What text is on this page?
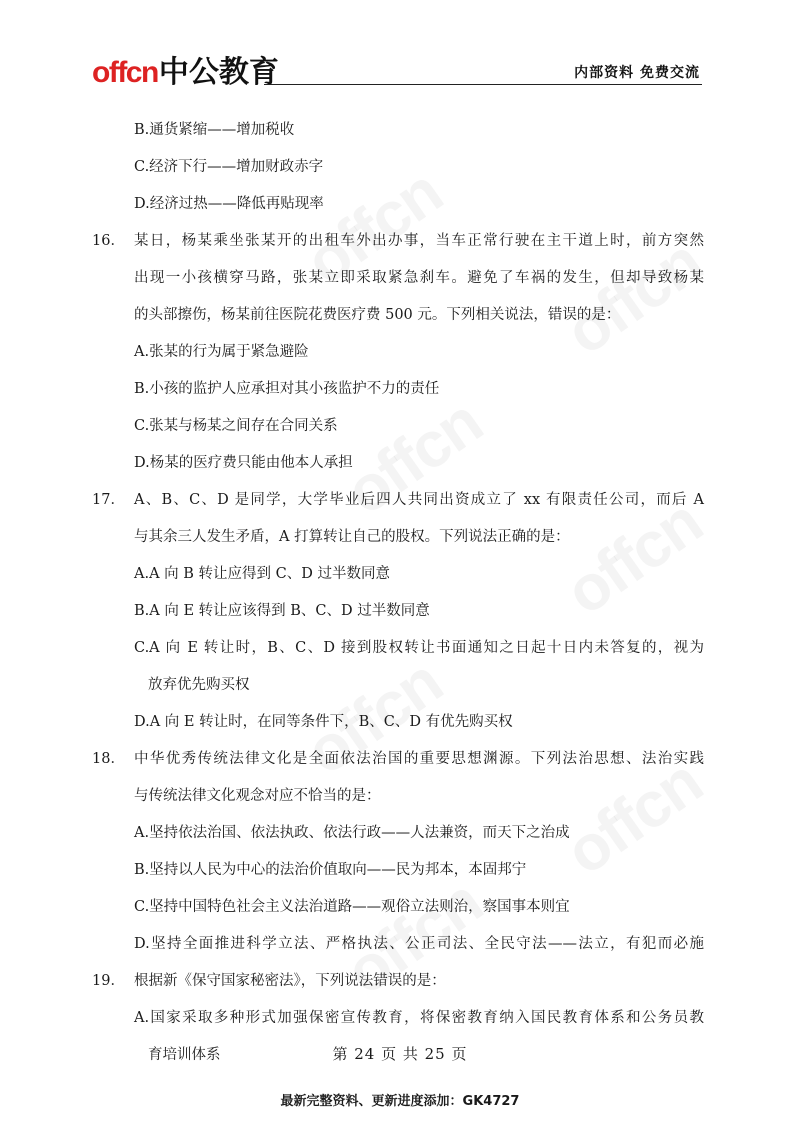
offcn中公教育	内部资料 免费交流
B.通货紧缩——增加税收
C.经济下行——增加财政赤字
D.经济过热——降低再贴现率
16． 某日，杨某乘坐张某开的出租车外出办事，当车正常行驶在主干道上时，前方突然
出现一小孩横穿马路，张某立即采取紧急刹车。避免了车祸的发生，但却导致杨某
的头部擦伤，杨某前往医院花费医疗费 500 元。下列相关说法，错误的是：
A.张某的行为属于紧急避险
B.小孩的监护人应承担对其小孩监护不力的责任
C.张某与杨某之间存在合同关系
D.杨某的医疗费只能由他本人承担
17． A、B、C、D 是同学，大学毕业后四人共同出资成立了 xx 有限责任公司，而后 A
与其余三人发生矛盾，A 打算转让自己的股权。下列说法正确的是：
A.A 向 B 转让应得到 C、D 过半数同意
B.A 向 E 转让应该得到 B、C、D 过半数同意
C.A 向 E 转让时，B、C、D 接到股权转让书面通知之日起十日内未答复的，视为
放弃优先购买权
D.A 向 E 转让时，在同等条件下，B、C、D 有优先购买权
18． 中华优秀传统法律文化是全面依法治国的重要思想渊源。下列法治思想、法治实践
与传统法律文化观念对应不恰当的是：
A.坚持依法治国、依法执政、依法行政——人法兼资，而天下之治成
B.坚持以人民为中心的法治价值取向——民为邦本，本固邦宁
C.坚持中国特色社会主义法治道路——观俗立法则治，察国事本则宜
D.坚持全面推进科学立法、严格执法、公正司法、全民守法——法立，有犯而必施
19． 根据新《保守国家秘密法》，下列说法错误的是：
A.国家采取多种形式加强保密宣传教育，将保密教育纳入国民教育体系和公务员教
育培训体系	第 24 页 共 25 页
最新完整资料、更新进度添加：GK4727
